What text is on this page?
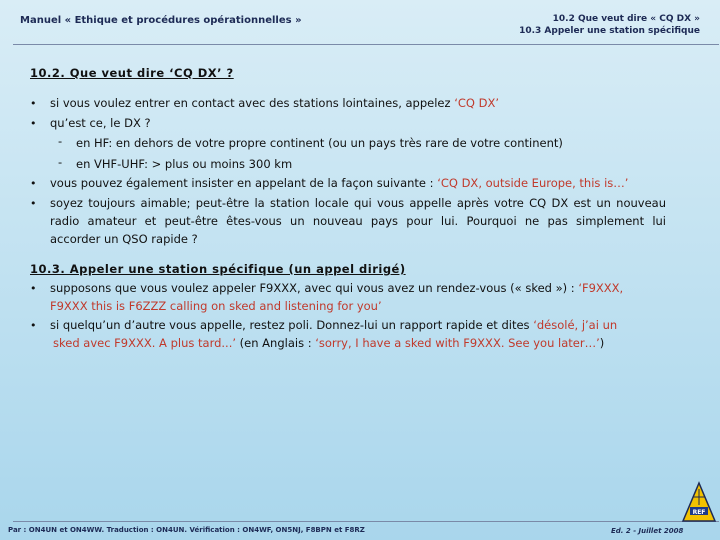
Manuel « Ethique et procédures opérationnelles »	10.2 Que veut dire « CQ DX »
10.3 Appeler une station spécifique
10.2. Que veut dire ‘CQ DX’ ?
• si vous voulez entrer en contact avec des stations lointaines, appelez ‘CQ DX’
• qu’est ce, le DX ?
- en HF: en dehors de votre propre continent (ou un pays très rare de votre continent)
- en VHF-UHF: > plus ou moins 300 km
• vous pouvez également insister en appelant de la façon suivante : ‘CQ DX, outside Europe, this is…’
• soyez toujours aimable; peut-être la station locale qui vous appelle après votre CQ DX est un nouveau
radio amateur et peut-être êtes-vous un nouveau pays pour lui. Pourquoi ne pas simplement lui
accorder un QSO rapide ?
10.3. Appeler une station spécifique (un appel dirigé)
• supposons que vous voulez appeler F9XXX, avec qui vous avez un rendez-vous (« sked ») : ‘F9XXX,
F9XXX this is F6ZZZ calling on sked and listening for you’
• si quelqu’un d’autre vous appelle, restez poli. Donnez-lui un rapport rapide et dites ‘désolé, j’ai un
sked avec F9XXX. A plus tard...’ (en Anglais : ‘sorry, I have a sked with F9XXX. See you later…’)
Par : ON4UN et ON4WW. Traduction : ON4UN. Vérification : ON4WF, ON5NJ, F8BPN et F8RZ	Ed. 2 - Juillet 2008
REF
